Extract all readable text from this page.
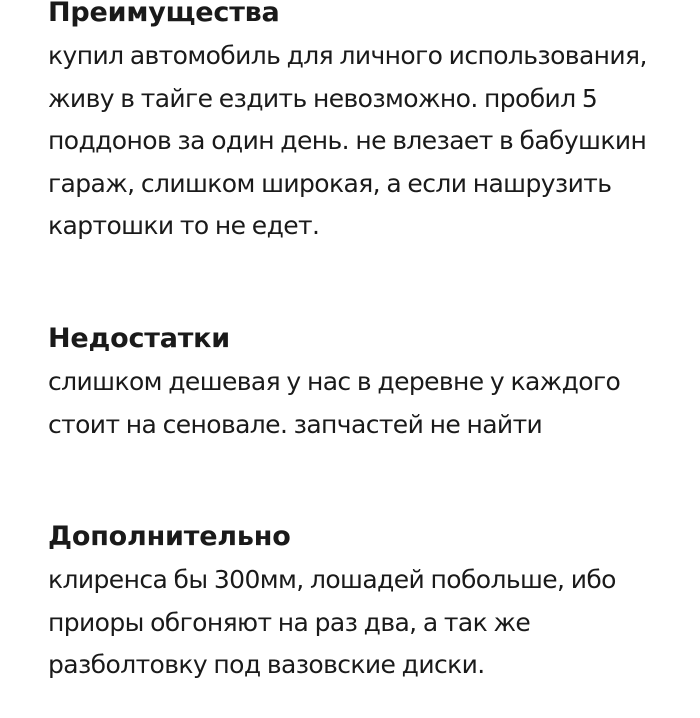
Преимущества

купил автомобиль для личного использования, живу в тайге ездить невозможно. пробил 5 поддонов за один день. не влезает в бабушкин гараж, слишком широкая, а если нашрузить картошки то не едет.

Недостатки

слишком дешевая у нас в деревне у каждого стоит на сеновале. запчастей не найти

Дополнительно

клиренса бы 300мм, лошадей побольше, ибо приоры обгоняют на раз два, а так же разболтовку под вазовские диски.
